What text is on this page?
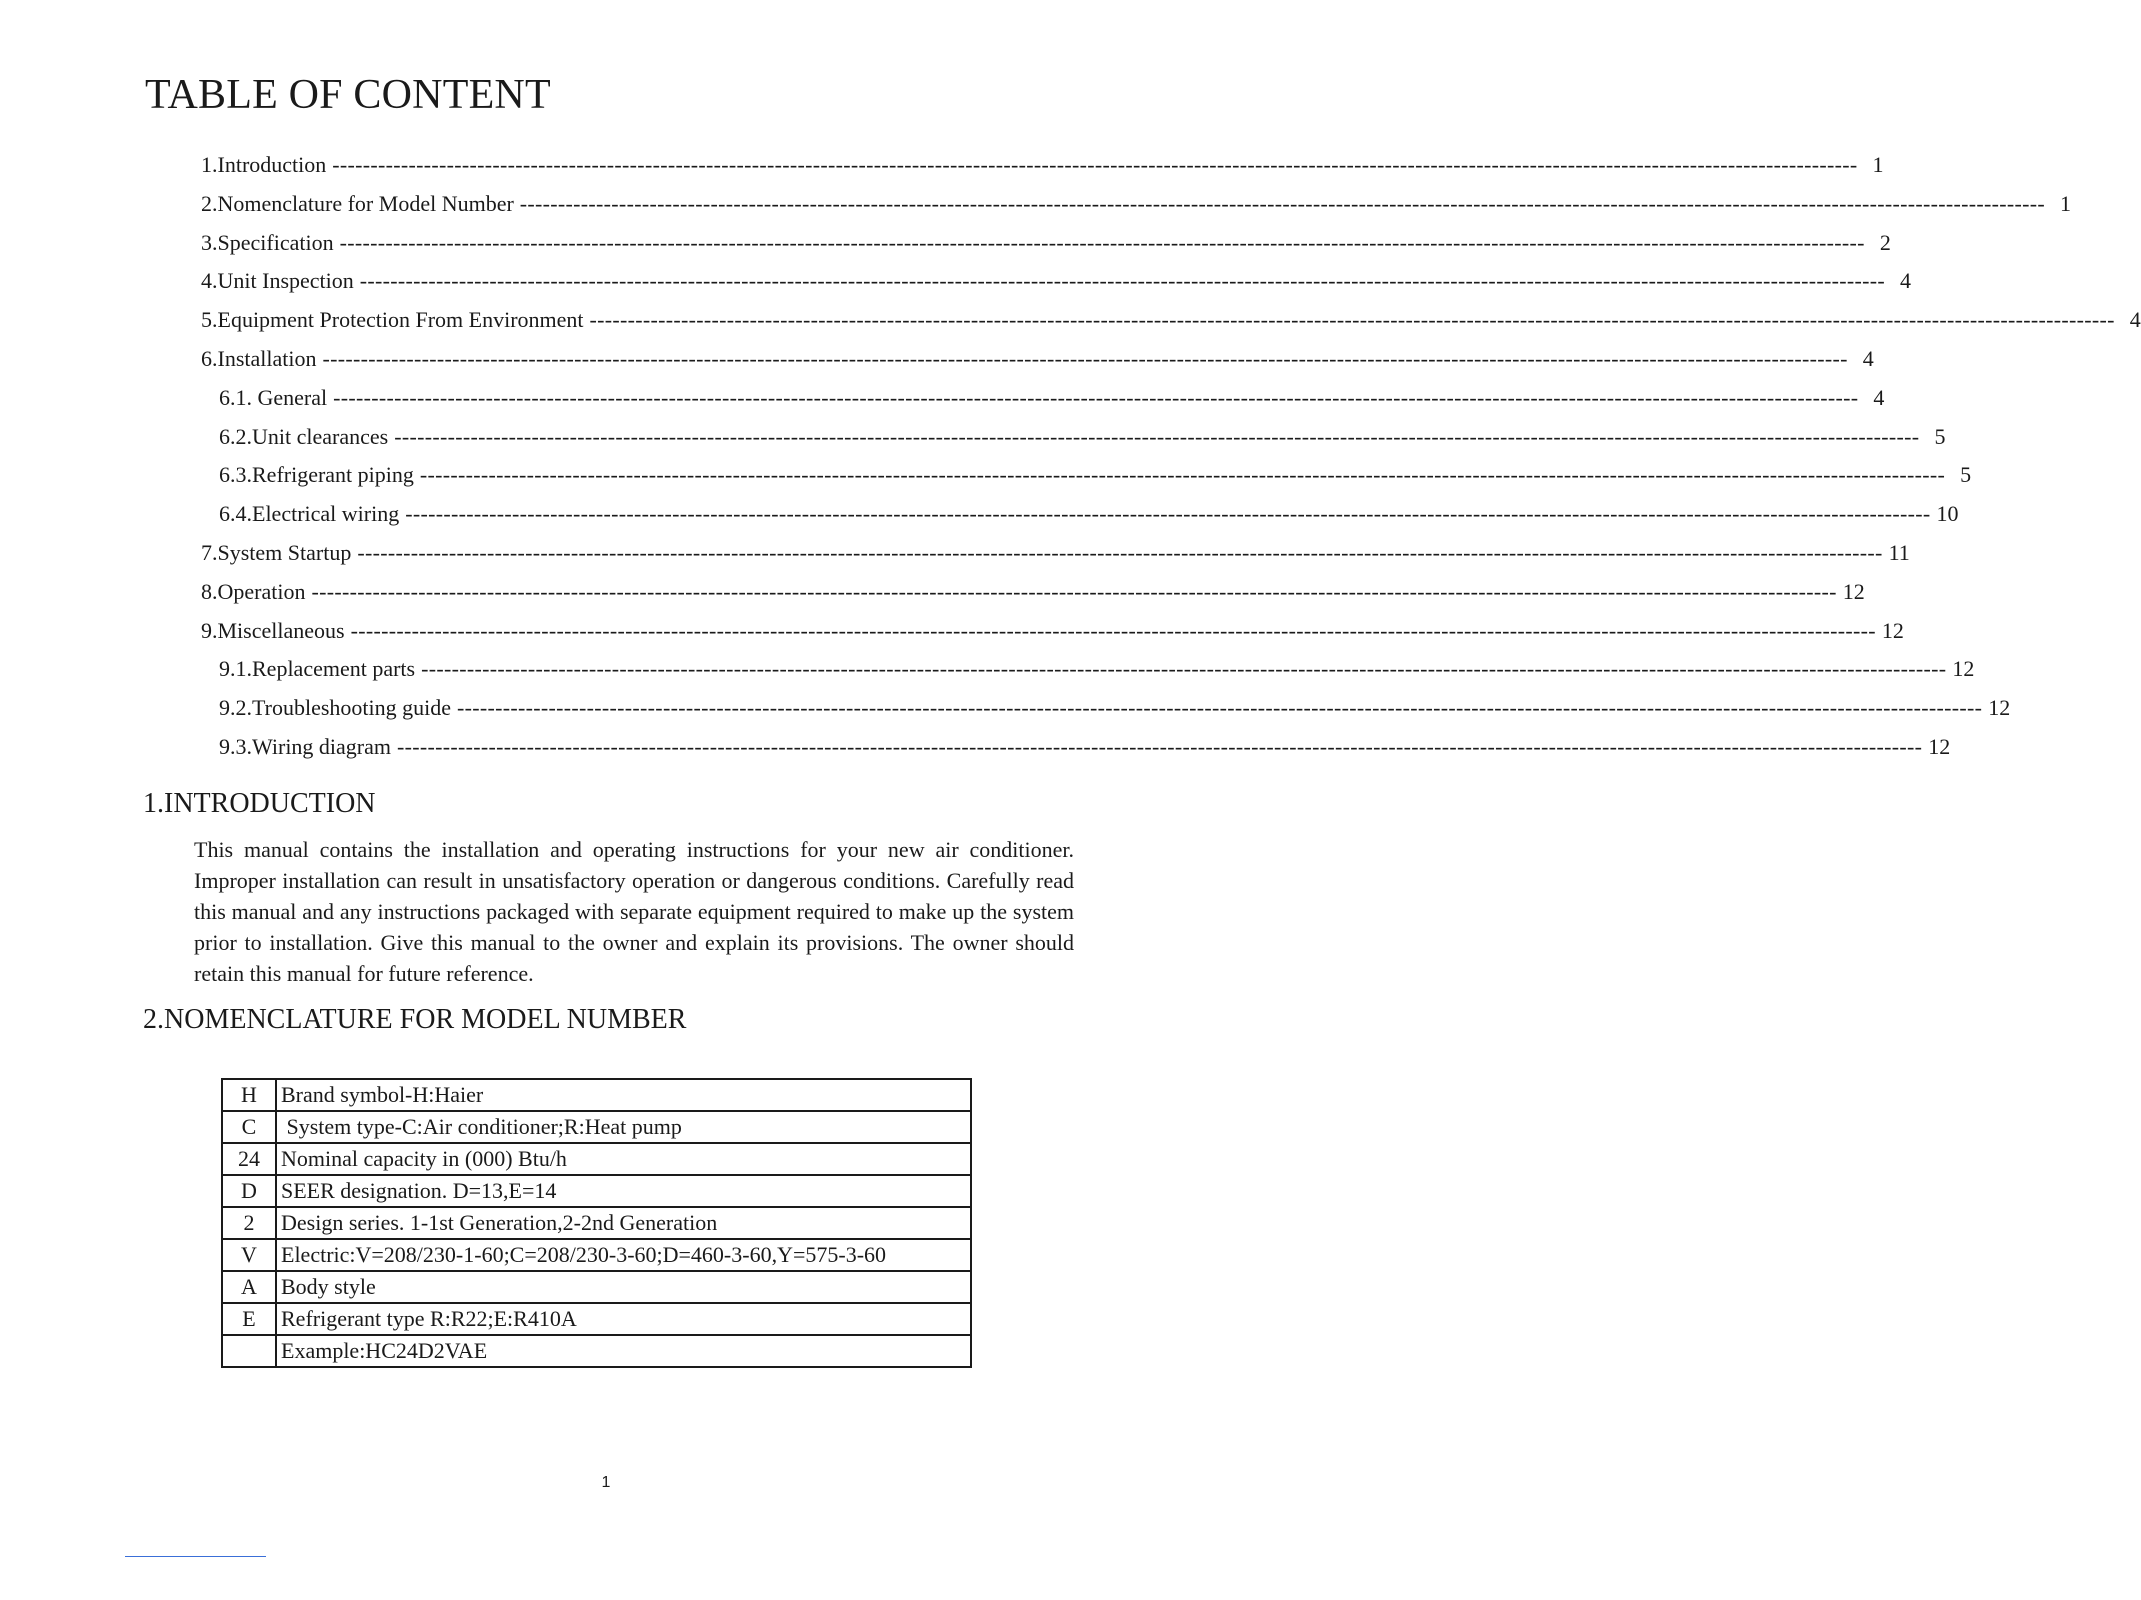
TABLE OF CONTENT
1.Introduction -------------------------------------------------------------------------------------------------------------------------------------------------------------------------------------------------------- 1
2.Nomenclature for Model Number -------------------------------------------------------------------------------------------------------------------------------------------------------------------------------------------------------- 1
3.Specification -------------------------------------------------------------------------------------------------------------------------------------------------------------------------------------------------------- 2
4.Unit Inspection -------------------------------------------------------------------------------------------------------------------------------------------------------------------------------------------------------- 4
5.Equipment Protection From Environment -------------------------------------------------------------------------------------------------------------------------------------------------------------------------------------------------------- 4
6.Installation -------------------------------------------------------------------------------------------------------------------------------------------------------------------------------------------------------- 4
6.1. General -------------------------------------------------------------------------------------------------------------------------------------------------------------------------------------------------------- 4
6.2.Unit clearances -------------------------------------------------------------------------------------------------------------------------------------------------------------------------------------------------------- 5
6.3.Refrigerant piping -------------------------------------------------------------------------------------------------------------------------------------------------------------------------------------------------------- 5
6.4.Electrical wiring -------------------------------------------------------------------------------------------------------------------------------------------------------------------------------------------------------- 10
7.System Startup -------------------------------------------------------------------------------------------------------------------------------------------------------------------------------------------------------- 11
8.Operation -------------------------------------------------------------------------------------------------------------------------------------------------------------------------------------------------------- 12
9.Miscellaneous -------------------------------------------------------------------------------------------------------------------------------------------------------------------------------------------------------- 12
9.1.Replacement parts -------------------------------------------------------------------------------------------------------------------------------------------------------------------------------------------------------- 12
9.2.Troubleshooting guide -------------------------------------------------------------------------------------------------------------------------------------------------------------------------------------------------------- 12
9.3.Wiring diagram -------------------------------------------------------------------------------------------------------------------------------------------------------------------------------------------------------- 12
1.INTRODUCTION

This manual contains the installation and operating instructions for your new air conditioner. Improper installation can result in unsatisfactory operation or dangerous conditions. Carefully read this manual and any instructions packaged with separate equipment required to make up the system prior to installation. Give this manual to the owner and explain its provisions. The owner should retain this manual for future reference.

2.NOMENCLATURE FOR MODEL NUMBER
H	Brand symbol-H:Haier
C	System type-C:Air conditioner;R:Heat pump
24	Nominal capacity in (000) Btu/h
D	SEER designation. D=13,E=14
2	Design series. 1-1st Generation,2-2nd Generation
V	Electric:V=208/230-1-60;C=208/230-3-60;D=460-3-60,Y=575-3-60
A	Body style
E	Refrigerant type R:R22;E:R410A
	Example:HC24D2VAE
1
